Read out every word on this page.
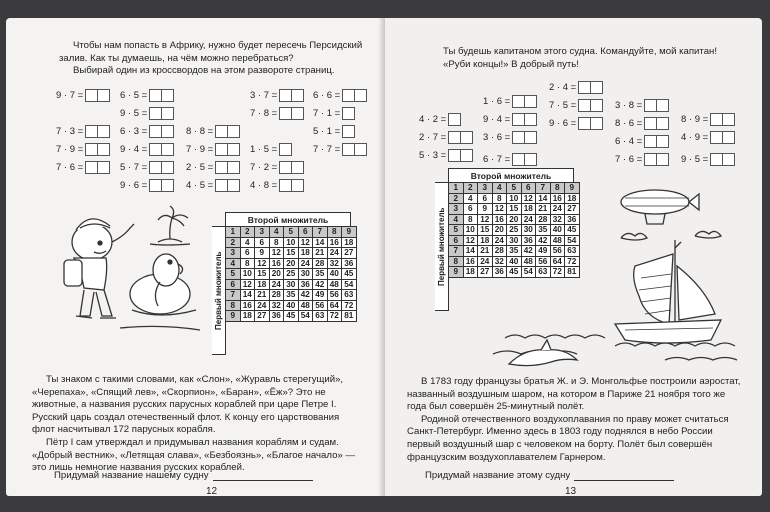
Чтобы нам попасть в Африку, нужно будет пересечь Персидский
залив. Как ты думаешь, на чём можно перебраться?
Выбирай один из кроссвордов на этом развороте страниц.
9 · 7 =	6 · 5 =	3 · 7 =	6 · 6 =
9 · 5 =	7 · 8 =	7 · 1 =
7 · 3 =	6 · 3 =	8 · 8 =	5 · 1 =
7 · 9 =	9 · 4 =	7 · 9 =	1 · 5 =	7 · 7 =
7 · 6 =	5 · 7 =	2 · 5 =	7 · 2 =
9 · 6 =	4 · 5 =	4 · 8 =
Второй множитель
Первый множитель
1	2	3	4	5	6	7	8	9
2	4	6	8	10	12	14	16	18
3	6	9	12	15	18	21	24	27
4	8	12	16	20	24	28	32	36
5	10	15	20	25	30	35	40	45
6	12	18	24	30	36	42	48	54
7	14	21	28	35	42	49	56	63
8	16	24	32	40	48	56	64	72
9	18	27	36	45	54	63	72	81
Ты знаком с такими словами, как «Слон», «Журавль стерегущий», «Черепаха», «Спящий лев», «Скорпион», «Баран», «Ёж»? Это не животные, а названия русских парусных кораблей при царе Петре I. Русский царь создал отечественный флот. К концу его царствования флот насчитывал 172 парусных корабля.
Пётр I сам утверждал и придумывал названия кораблям и судам. «Добрый вестник», «Летящая слава», «Безбоязнь», «Благое начало» — это лишь немногие названия русских кораблей.
Придумай название нашему судну
12
Ты будешь капитаном этого судна. Командуйте, мой капитан!
«Руби концы!» В добрый путь!
2 · 4 =
1 · 6 =	7 · 5 =	3 · 8 =
4 · 2 =	9 · 4 =	8 · 9 =
9 · 6 =	8 · 6 =
2 · 7 =	3 · 6 =	6 · 4 =	4 · 9 =
5 · 3 =	6 · 7 =	7 · 6 =	9 · 5 =
Второй множитель
Первый множитель
1	2	3	4	5	6	7	8	9
2	4	6	8	10	12	14	16	18
3	6	9	12	15	18	21	24	27
4	8	12	16	20	24	28	32	36
5	10	15	20	25	30	35	40	45
6	12	18	24	30	36	42	48	54
7	14	21	28	35	42	49	56	63
8	16	24	32	40	48	56	64	72
9	18	27	36	45	54	63	72	81
В 1783 году французы братья Ж. и Э. Монгольфье построили аэростат, названный воздушным шаром, на котором в Париже 21 ноября того же года был совершён 25-минутный полёт.
Родиной отечественного воздухоплавания по праву может считаться Санкт-Петербург. Именно здесь в 1803 году поднялся в небо России первый воздушный шар с человеком на борту. Полёт был совершён французским воздухоплавателем Гарнером.
Придумай название этому судну
13
